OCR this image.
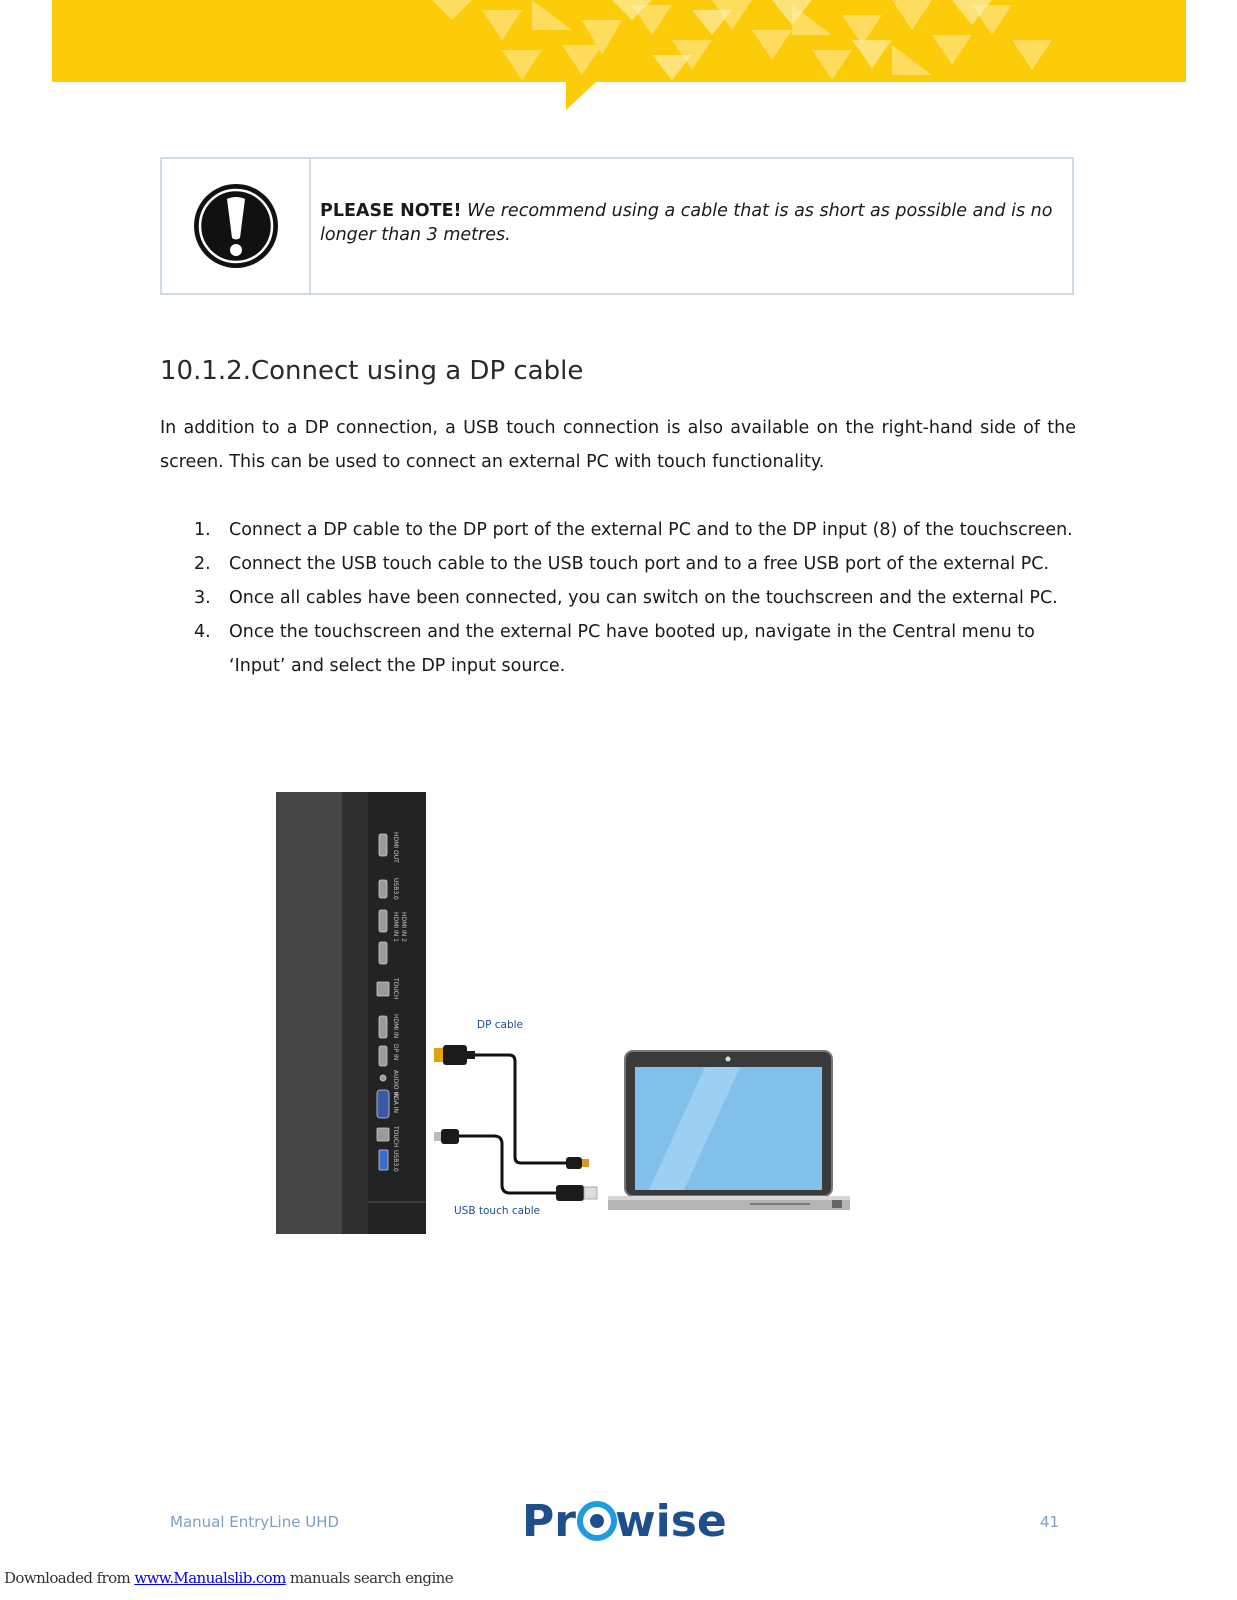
PLEASE NOTE! We recommend using a cable that is as short as possible and is no longer than 3 metres.
10.1.2.Connect using a DP cable

In addition to a DP connection, a USB touch connection is also available on the right-hand side of the screen. This can be used to connect an external PC with touch functionality.

1. Connect a DP cable to the DP port of the external PC and to the DP input (8) of the touchscreen.
2. Connect the USB touch cable to the USB touch port and to a free USB port of the external PC.
3. Once all cables have been connected, you can switch on the touchscreen and the external PC.
4. Once the touchscreen and the external PC have booted up, navigate in the Central menu to ‘Input’ and select the DP input source.
HDMI OUT
USB3.0
HDMI IN 1 HDMI IN 2
TOUCH
HDMI IN
DP IN
AUDIO IN
VGA IN
TOUCH
USB3.0
DP cable
USB touch cable
Manual EntryLine UHD	Pr wise	41
Downloaded from www.Manualslib.com manuals search engine
